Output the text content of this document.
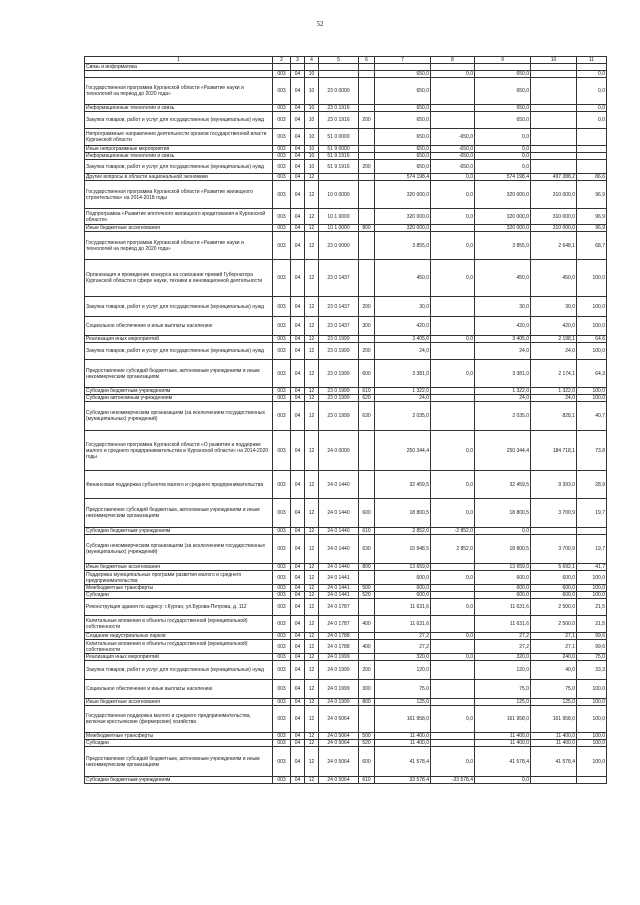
52
1	2	3	4	5	6	7	8	9	10	11
Связь и информатика										
	003	04	10			650,0	0,0	650,0		0,0
Государственная программа Курганской области «Развитие науки и технологий на период до 2020 года»	003	04	10	23 0 0000		650,0		650,0		0,0
Информационные технологии и связь	003	04	10	23 0 1916		650,0		650,0		0,0
Закупка товаров, работ и услуг для государственных (муниципальных) нужд	003	04	10	23 0 1916	200	650,0		650,0		0,0
Непрограммные направления деятельности органов государственной власти Курганской области	003	04	10	51 0 0000		650,0	-650,0	0,0		
Иные непрограммные мероприятия	003	04	10	51 9 0000		650,0	-650,0	0,0		
Информационные технологии и связь	003	04	10	51 9 1916		650,0	-650,0	0,0		
Закупка товаров, работ и услуг для государственных (муниципальных) нужд	003	04	10	51 9 1916	200	650,0	-650,0	0,0		
Другие вопросы в области национальной экономики	003	04	12			574 198,4	0,0	574 198,4	497 388,2	86,6
Государственная программа Курганской области «Развитие жилищного строительства» на 2014-2018 годы	003	04	12	10 0 0000		320 000,0	0,0	320 000,0	310 000,0	96,9
Подпрограмма «Развитие ипотечного жилищного кредитования в Курганской области»	003	04	12	10 1 0000		320 000,0	0,0	320 000,0	310 000,0	96,9
Иные бюджетные ассигнования	003	04	12	10 1 0000	800	320 000,0		320 000,0	310 000,0	96,9
Государственная программа Курганской области «Развитие науки и технологий на период до 2020 года»	003	04	12	23 0 0000		3 855,0	0,0	3 855,0	2 648,1	68,7
Организация и проведение конкурса на соискание премий Губернатора Курганской области в сфере науки, техники и инновационной деятельности	003	04	12	23 0 1437		450,0	0,0	450,0	450,0	100,0
Закупка товаров, работ и услуг для государственных (муниципальных) нужд	003	04	12	23 0 1437	200	30,0		30,0	30,0	100,0
Социальное обеспечение и иные выплаты населению	003	04	12	23 0 1437	300	420,0		420,0	420,0	100,0
Реализация иных мероприятий	003	04	12	23 0 1999		3 405,0	0,0	3 405,0	2 198,1	64,6
Закупка товаров, работ и услуг для государственных (муниципальных) нужд	003	04	12	23 0 1999	200	24,0		24,0	24,0	100,0
Предоставление субсидий бюджетным, автономным учреждениям и иным некоммерческим организациям	003	04	12	23 0 1999	600	3 381,0	0,0	3 381,0	2 174,1	64,3
Субсидии бюджетным учреждениям	003	04	12	23 0 1999	610	1 322,0		1 322,0	1 322,0	100,0
Субсидии автономным учреждениям	003	04	12	23 0 1999	620	24,0		24,0	24,0	100,0
Субсидии некоммерческим организациям (за исключением государственных (муниципальных) учреждений)	003	04	12	23 0 1999	630	2 035,0		2 035,0	828,1	40,7
Государственная программа Курганской области «О развитии и поддержке малого и среднего предпринимательства в Курганской области» на 2014-2020 годы	003	04	12	24 0 0000		250 344,4	0,0	250 344,4	184 718,1	73,8
Финансовая поддержка субъектов малого и среднего предпринимательства	003	04	12	24 0 1440		32 459,5	0,0	32 459,5	9 393,0	28,9
Предоставление субсидий бюджетным, автономным учреждениям и иным некоммерческим организациям	003	04	12	24 0 1440	600	18 800,5	0,0	18 800,5	3 700,9	19,7
Субсидии бюджетным учреждениям	003	04	12	24 0 1440	610	2 852,0	-2 852,0	0,0		
Субсидии некоммерческим организациям (за исключением государственных (муниципальных) учреждений)	003	04	12	24 0 1440	630	15 948,5	2 852,0	18 800,5	3 700,9	19,7
Иные бюджетные ассигнования	003	04	12	24 0 1440	800	13 659,0		13 659,0	5 692,1	41,7
Поддержка муниципальных программ развития малого и среднего предпринимательства	003	04	12	24 0 1441		600,0	0,0	600,0	600,0	100,0
Межбюджетные трансферты	003	04	12	24 0 1441	500	600,0		600,0	600,0	100,0
Субсидии	003	04	12	24 0 1441	520	600,0		600,0	600,0	100,0
Реконструкция здания по адресу: г.Курган, ул.Бурова-Петрова, д. 112	003	04	12	24 0 1787		11 631,6	0,0	11 631,6	2 500,0	21,5
Капитальные вложения в объекты государственной (муниципальной) собственности	003	04	12	24 0 1787	400	11 631,6		11 631,6	2 500,0	21,5
Создание индустриальных парков	003	04	12	24 0 1788		27,2	0,0	27,2	27,1	99,6
Капитальные вложения в объекты государственной (муниципальной) собственности	003	04	12	24 0 1788	400	27,2		27,2	27,1	99,6
Реализация иных мероприятий	003	04	12	24 0 1999		320,0	0,0	320,0	240,0	75,0
Закупка товаров, работ и услуг для государственных (муниципальных) нужд	003	04	12	24 0 1999	200	120,0		120,0	40,0	33,3
Социальное обеспечение и иные выплаты населению	003	04	12	24 0 1999	300	75,0		75,0	75,0	100,0
Иные бюджетные ассигнования	003	04	12	24 0 1999	800	125,0		125,0	125,0	100,0
Государственная поддержка малого и среднего предпринимательства, включая крестьянские (фермерские) хозяйства	003	04	12	24 0 5064		161 958,0	0,0	161 958,0	161 958,0	100,0
Межбюджетные трансферты	003	04	12	24 0 5064	500	11 400,0		11 400,0	11 400,0	100,0
Субсидии	003	04	12	24 0 5064	520	11 400,0		11 400,0	11 400,0	100,0
Предоставление субсидий бюджетным, автономным учреждениям и иным некоммерческим организациям	003	04	12	24 0 5064	600	41 578,4	0,0	41 578,4	41 578,4	100,0
Субсидии бюджетным учреждениям	003	04	12	24 0 5064	610	33 578,4	-33 578,4	0,0		
